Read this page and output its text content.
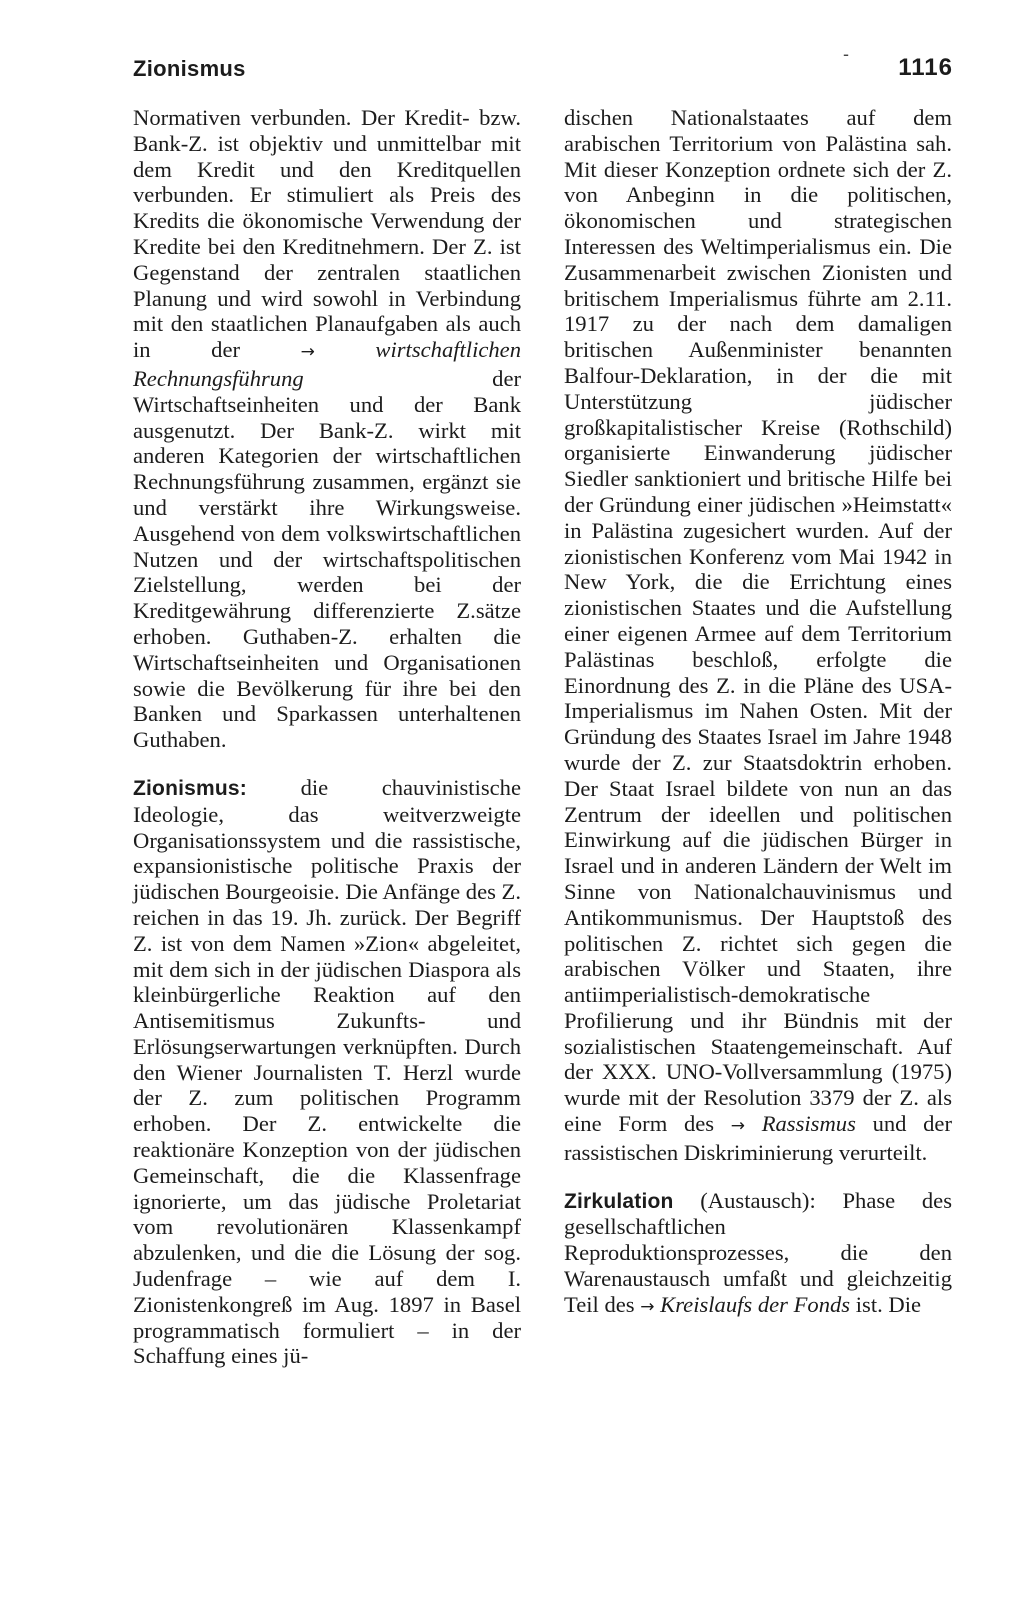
Zionismus
- 1116

Normativen verbunden. Der Kredit- bzw. Bank-Z. ist objektiv und unmittelbar mit dem Kredit und den Kreditquellen verbunden. Er stimuliert als Preis des Kredits die ökonomische Verwendung der Kredite bei den Kreditnehmern. Der Z. ist Gegenstand der zentralen staatlichen Planung und wird sowohl in Verbindung mit den staatlichen Planaufgaben als auch in der	→	wirtschaftlichen Rechnungsführung	der Wirtschaftseinheiten und der Bank ausgenutzt. Der Bank-Z. wirkt mit anderen Kategorien der wirtschaftlichen Rechnungsführung zusammen, ergänzt sie und verstärkt ihre Wirkungsweise. Ausgehend von dem volkswirtschaftlichen Nutzen und der wirtschaftspolitischen Zielstellung, werden bei der Kreditgewährung differenzierte Z.sätze erhoben. Guthaben-Z. erhalten die Wirtschaftseinheiten und Organisationen sowie die Bevölkerung für ihre bei den Banken und Sparkassen unterhaltenen Guthaben.

Zionismus: die chauvinistische Ideologie, das weitverzweigte Organisationssystem und die rassistische, expansionistische politische Praxis der jüdischen Bourgeoisie. Die Anfänge des Z. reichen in das 19. Jh. zurück. Der Begriff Z. ist von dem Namen »Zion« abgeleitet, mit dem sich in der jüdischen Diaspora als kleinbürgerliche Reaktion auf den Antisemitismus Zukunfts- und Erlösungserwartungen verknüpften. Durch den Wiener Journalisten T. Herzl wurde der Z. zum politischen Programm erhoben. Der Z. entwickelte die reaktionäre Konzeption von der jüdischen Gemeinschaft, die die Klassenfrage ignorierte, um das jüdische Proletariat vom revolutionären Klassenkampf abzulenken, und die die Lösung der sog. Judenfrage – wie auf dem I. Zionistenkongreß im Aug. 1897 in Basel programmatisch formuliert – in der Schaffung eines jü-

dischen Nationalstaates auf dem arabischen Territorium von Palästina sah. Mit dieser Konzeption ordnete sich der Z. von Anbeginn in die politischen, ökonomischen und strategischen Interessen des Weltimperialismus ein. Die Zusammenarbeit zwischen Zionisten und britischem Imperialismus führte am 2.11. 1917 zu der nach dem damaligen britischen Außenminister benannten Balfour-Deklaration, in der die mit Unterstützung jüdischer großkapitalistischer Kreise (Rothschild) organisierte Einwanderung jüdischer Siedler sanktioniert und britische Hilfe bei der Gründung einer jüdischen »Heimstatt« in Palästina zugesichert wurden. Auf der zionistischen Konferenz vom Mai 1942 in New York, die die Errichtung eines zionistischen Staates und die Aufstellung einer eigenen Armee auf dem Territorium Palästinas beschloß, erfolgte die Einordnung des Z. in die Pläne des USA-Imperialismus im Nahen Osten. Mit der Gründung des Staates Israel im Jahre 1948 wurde der Z. zur Staatsdoktrin erhoben. Der Staat Israel bildete von nun an das Zentrum der ideellen und politischen Einwirkung auf die jüdischen Bürger in Israel und in anderen Ländern der Welt im Sinne von Nationalchauvinismus und Antikommunismus. Der Hauptstoß des politischen Z. richtet sich gegen die arabischen Völker und Staaten, ihre antiimperialistisch-demokratische Profilierung und ihr Bündnis mit der sozialistischen Staatengemeinschaft. Auf der XXX. UNO-Vollversammlung (1975) wurde mit der Resolution 3379 der Z. als eine Form des → Rassismus und der rassistischen Diskriminierung verurteilt.

Zirkulation (Austausch): Phase des gesellschaftlichen Reproduktionsprozesses, die den Warenaustausch umfaßt und gleichzeitig Teil des → Kreislaufs der Fonds ist. Die
